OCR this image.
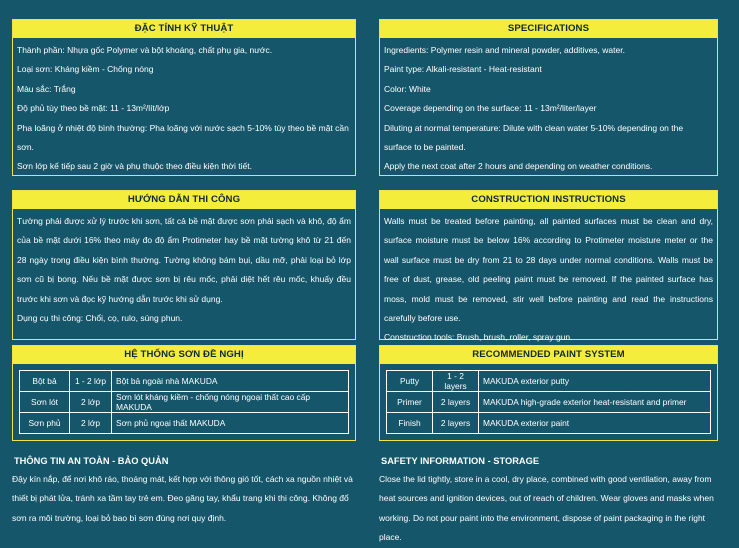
ĐẶC TÍNH KỸ THUẬT

Thành phần: Nhựa gốc Polymer và bột khoáng, chất phụ gia, nước.

Loại sơn: Kháng kiềm - Chống nóng

Màu sắc: Trắng

Độ phủ tùy theo bề mặt: 11 - 13m²/lít/lớp

Pha loãng ở nhiệt độ bình thường: Pha loãng với nước sạch 5-10% tùy theo bề mặt cần sơn.

Sơn lớp kế tiếp sau 2 giờ và phụ thuộc theo điều kiện thời tiết.

HƯỚNG DẪN THI CÔNG

Tường phải được xử lý trước khi sơn, tất cả bề mặt được sơn phải sạch và khô, độ ẩm của bề mặt dưới 16% theo máy đo độ ẩm Protimeter hay bề mặt tường khô từ 21 đến 28 ngày trong điều kiện bình thường. Tường không bám bụi, dầu mỡ, phải loại bỏ lớp sơn cũ bị bong. Nếu bề mặt được sơn bị rêu mốc, phải diệt hết rêu mốc, khuấy đều trước khi sơn và đọc kỹ hướng dẫn trước khi sử dụng.

Dụng cụ thi công: Chổi, cọ, rulo, súng phun.

HỆ THỐNG SƠN ĐỀ NGHỊ
Bột bả	1 - 2 lớp	Bột bả ngoài nhà MAKUDA
Sơn lót	2 lớp	Sơn lót kháng kiềm - chống nóng ngoại thất cao cấp MAKUDA
Sơn phủ	2 lớp	Sơn phủ ngoại thất MAKUDA
THÔNG TIN AN TOÀN - BẢO QUẢN
Đậy kín nắp, để nơi khô ráo, thoáng mát, kết hợp với thông gió tốt, cách xa nguồn nhiệt và thiết bị phát lửa, tránh xa tầm tay trẻ em. Đeo găng tay, khẩu trang khi thi công. Không đổ sơn ra môi trường, loại bỏ bao bì sơn đúng nơi quy định.
SPECIFICATIONS

Ingredients: Polymer resin and mineral powder, additives, water.

Paint type: Alkali-resistant - Heat-resistant

Color: White

Coverage depending on the surface: 11 - 13m²/liter/layer

Diluting at normal temperature: Dilute with clean water 5-10% depending on the surface to be painted.

Apply the next coat after 2 hours and depending on weather conditions.

CONSTRUCTION INSTRUCTIONS

Walls must be treated before painting, all painted surfaces must be clean and dry, surface moisture must be below 16% according to Protimeter moisture meter or the wall surface must be dry from 21 to 28 days under normal conditions. Walls must be free of dust, grease, old peeling paint must be removed. If the painted surface has moss, mold must be removed, stir well before painting and read the instructions carefully before use.

Construction tools: Brush, brush, roller, spray gun.

RECOMMENDED PAINT SYSTEM
Putty	1 - 2 layers	MAKUDA exterior putty
Primer	2 layers	MAKUDA high-grade exterior heat-resistant and primer
Finish	2 layers	MAKUDA exterior paint
SAFETY INFORMATION - STORAGE
Close the lid tightly, store in a cool, dry place, combined with good ventilation, away from heat sources and ignition devices, out of reach of children. Wear gloves and masks when working. Do not pour paint into the environment, dispose of paint packaging in the right place.
